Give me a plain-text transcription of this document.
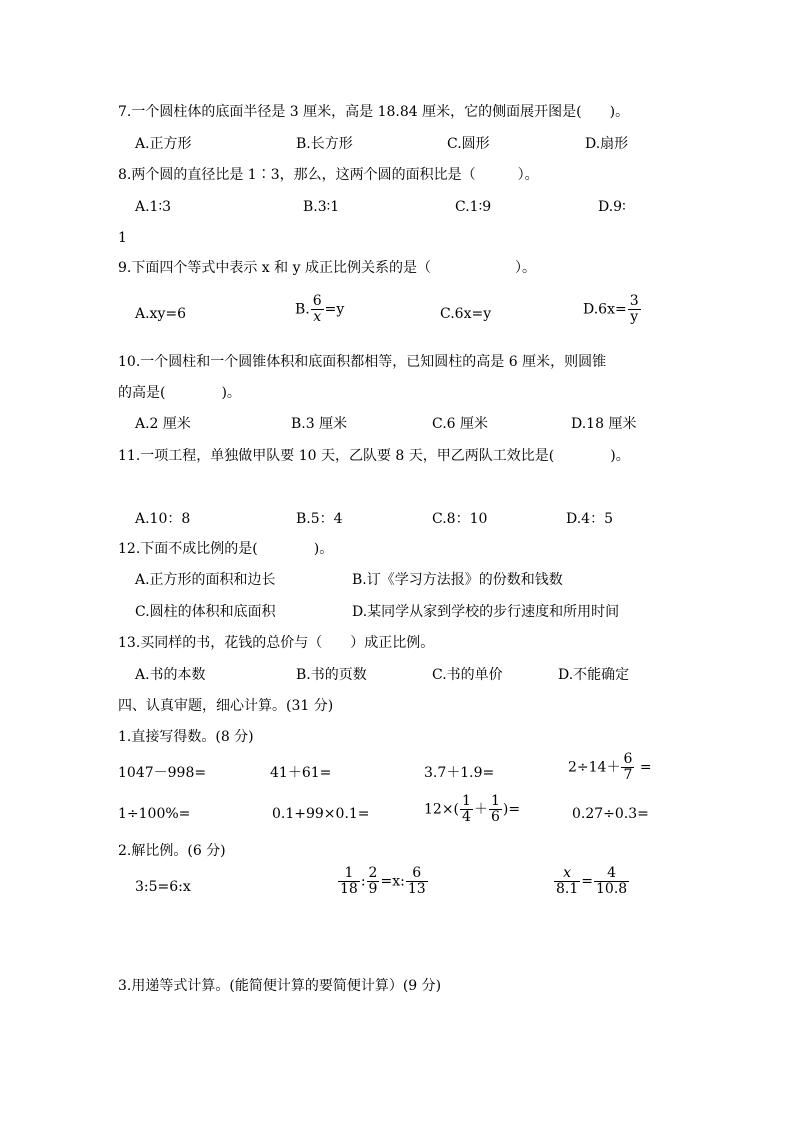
7.一个圆柱体的底面半径是 3 厘米，高是 18.84 厘米，它的侧面展开图是(　　)。
A.正方形	B.长方形	C.圆形	D.扇形
8.两个圆的直径比是 1∶3，那么，这两个圆的面积比是（　　　）。
A.1∶3	B.3∶1	C.1∶9	D.9∶
1
9.下面四个等式中表示 x 和 y 成正比例关系的是（　　　　　　）。
A.xy=6	B. $\frac{6}{x} =y$	C.6x=y	$D.6x= \frac{3}{y}$
10.一个圆柱和一个圆锥体积和底面积都相等，已知圆柱的高是 6 厘米，则圆锥
的高是(　　　　)。
A.2 厘米	B.3 厘米	C.6 厘米	D.18 厘米
11.一项工程，单独做甲队要 10 天，乙队要 8 天，甲乙两队工效比是(　　　　)。
A.10：8	B.5：4	C.8：10	D.4：5
12.下面不成比例的是(　　　　)。
A.正方形的面积和边长	B.订《学习方法报》的份数和钱数
C.圆柱的体积和底面积	D.某同学从家到学校的步行速度和所用时间
13.买同样的书，花钱的总价与（　　）成正比例。
A.书的本数	B.书的页数	C.书的单价	D.不能确定
四、认真审题，细心计算。(31 分)
1.直接写得数。(8 分)
1047－998=	41＋61=	3.7＋1.9=	$2\div 14+ \frac{6}{7}$ =
1÷100%=	0.1+99×0.1=	$12\times( \frac{1}{4} + \frac{1}{6}$ )=	0.27÷0.3=
2.解比例。(6 分)
3:5=6:x	$\frac{1}{18}$ : $\frac{2}{9} =x$: $\frac{6}{13}$	$\frac{x}{8.1} = \frac{4}{10.8}$
3.用递等式计算。(能简便计算的要简便计算）(9 分)
